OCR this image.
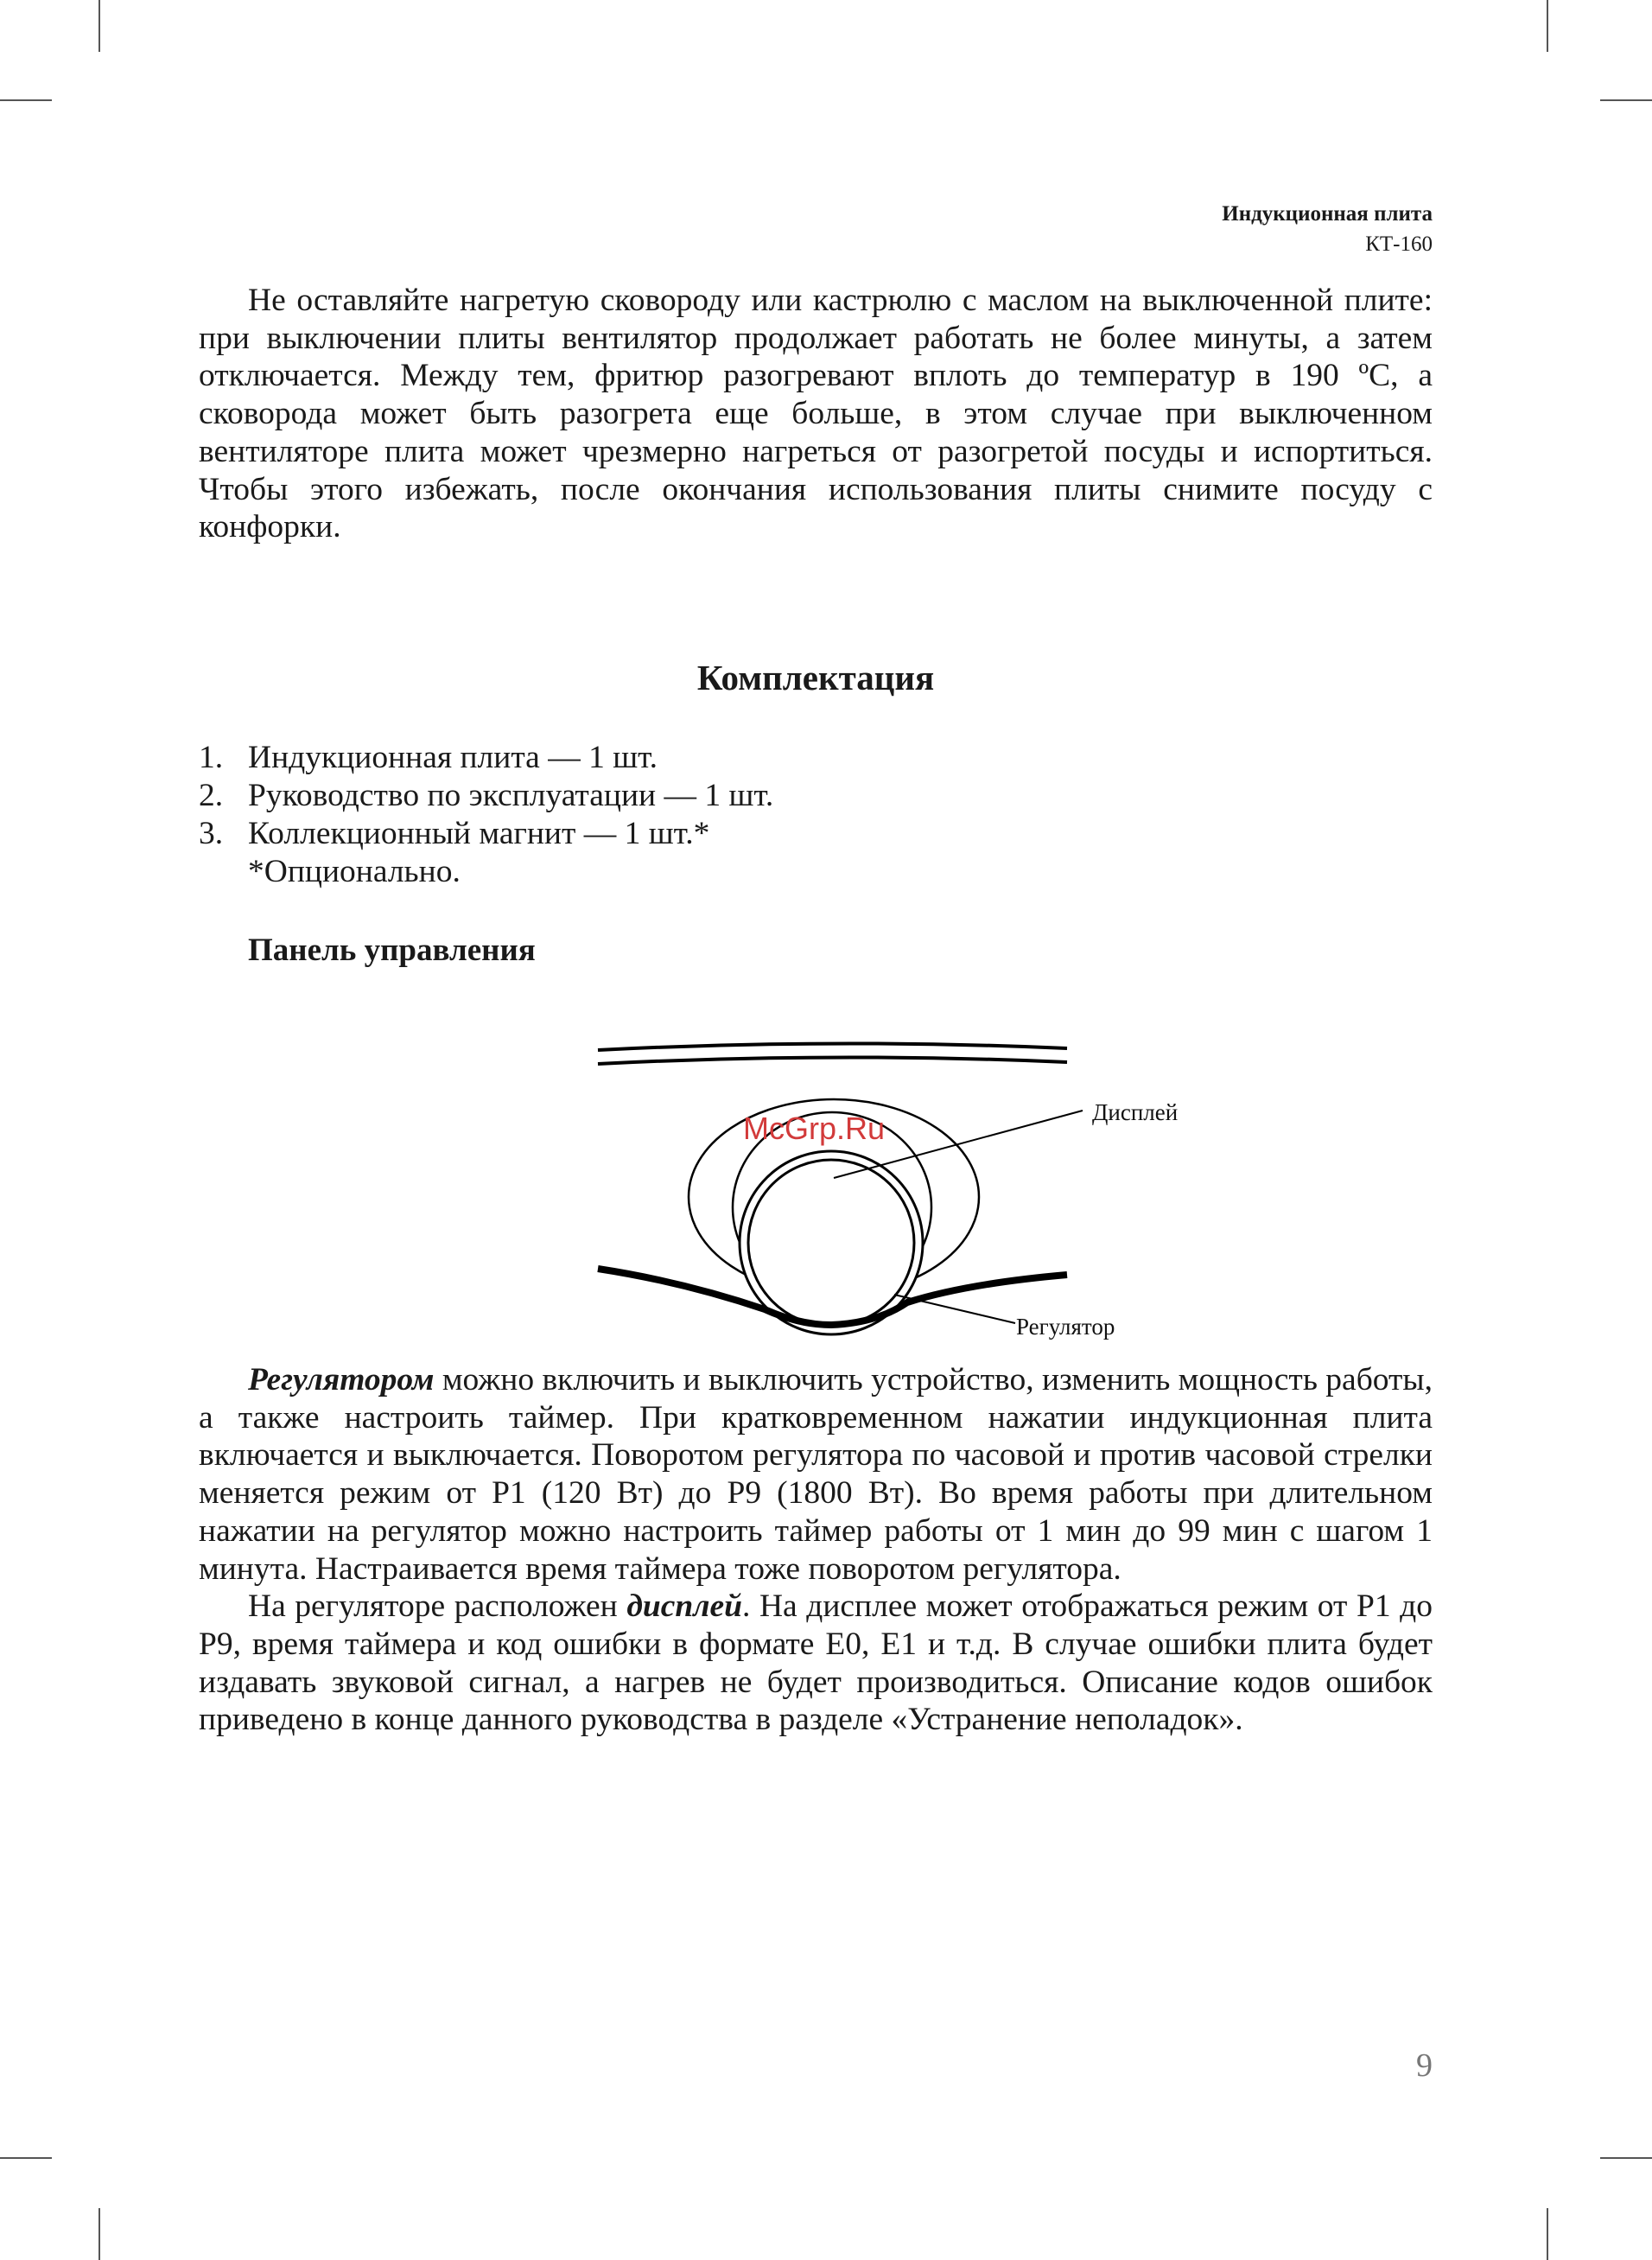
Индукционная плита
КТ-160

Не оставляйте нагретую сковороду или кастрюлю с маслом на выключенной плите: при выключении плиты вентилятор продолжает работать не более минуты, а затем отключается. Между тем, фритюр разогревают вплоть до температур в 190 ºC, а сковорода может быть разогрета еще больше, в этом случае при выключенном вентиляторе плита может чрезмерно нагреться от разогретой посуды и испортиться. Чтобы этого избежать, после окончания использования плиты снимите посуду с конфорки.

Комплектация
1. Индукционная плита — 1 шт.
2. Руководство по эксплуатации — 1 шт.
3. Коллекционный магнит — 1 шт.*
*Опционально.
Панель управления
Дисплей
Регулятор
McGrp.Ru

Регулятором можно включить и выключить устройство, изменить мощность работы, а также настроить таймер. При кратковременном нажатии индукционная плита включается и выключается. Поворотом регулятора по часовой и против часовой стрелки меняется режим от Р1 (120 Вт) до Р9 (1800 Вт). Во время работы при длительном нажатии на регулятор можно настроить таймер работы от 1 мин до 99 мин с шагом 1 минута. Настраивается время таймера тоже поворотом регулятора.

На регуляторе расположен дисплей. На дисплее может отображаться режим от Р1 до Р9, время таймера и код ошибки в формате Е0, Е1 и т.д. В случае ошибки плита будет издавать звуковой сигнал, а нагрев не будет производиться. Описание кодов ошибок приведено в конце данного руководства в разделе «Устранение неполадок».

9
